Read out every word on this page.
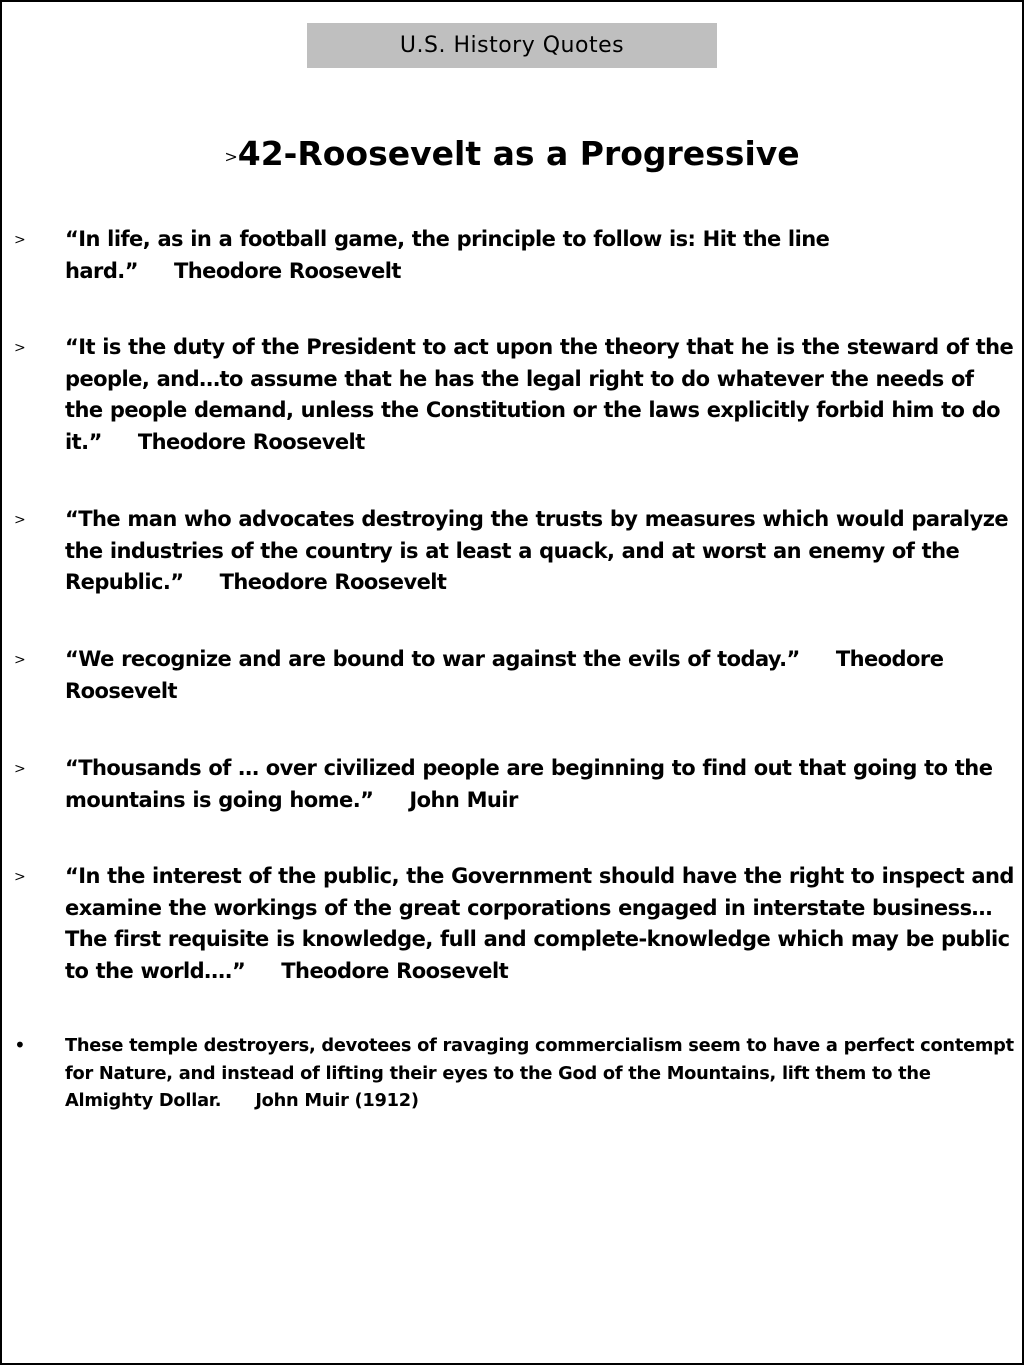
U.S. History Quotes
>42-Roosevelt as a Progressive
>	“In life, as in a football game, the principle to follow is: Hit the line hard.” Theodore Roosevelt
>	“It is the duty of the President to act upon the theory that he is the steward of the people, and…to assume that he has the legal right to do whatever the needs of the people demand, unless the Constitution or the laws explicitly forbid him to do it.” Theodore Roosevelt
>	“The man who advocates destroying the trusts by measures which would paralyze the industries of the country is at least a quack, and at worst an enemy of the Republic.” Theodore Roosevelt
>	“We recognize and are bound to war against the evils of today.” Theodore Roosevelt
>	“Thousands of … over civilized people are beginning to find out that going to the mountains is going home.” John Muir
>	“In the interest of the public, the Government should have the right to inspect and examine the workings of the great corporations engaged in interstate business…The first requisite is knowledge, full and complete-knowledge which may be public to the world….” Theodore Roosevelt
•	These temple destroyers, devotees of ravaging commercialism seem to have a perfect contempt for Nature, and instead of lifting their eyes to the God of the Mountains, lift them to the Almighty Dollar. John Muir (1912)
